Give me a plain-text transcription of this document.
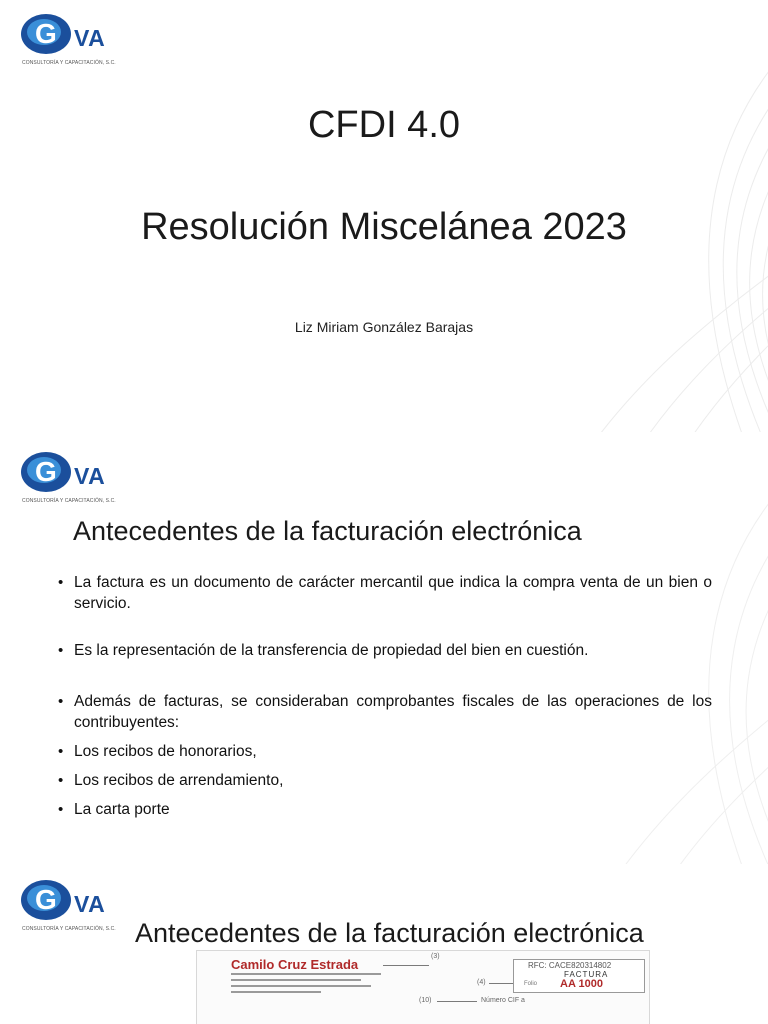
G VA
CONSULTORÍA Y CAPACITACIÓN, S.C.
CFDI 4.0
Resolución Miscelánea 2023
Liz Miriam González Barajas
G VA
CONSULTORÍA Y CAPACITACIÓN, S.C.
Antecedentes de la facturación electrónica
• La factura es un documento de carácter mercantil que indica la compra venta de un bien o servicio.
• Es la representación de la transferencia de propiedad del bien en cuestión.
• Además de facturas, se consideraban comprobantes fiscales de las operaciones de los contribuyentes:
• Los recibos de honorarios,
• Los recibos de arrendamiento,
• La carta porte
G VA
CONSULTORÍA Y CAPACITACIÓN, S.C. Antecedentes de la facturación electrónica
Camilo Cruz Estrada
(3)
(4)
RFC: CACE820314802
FACTURA
Folio AA 1000
(10)	Número CIF a
